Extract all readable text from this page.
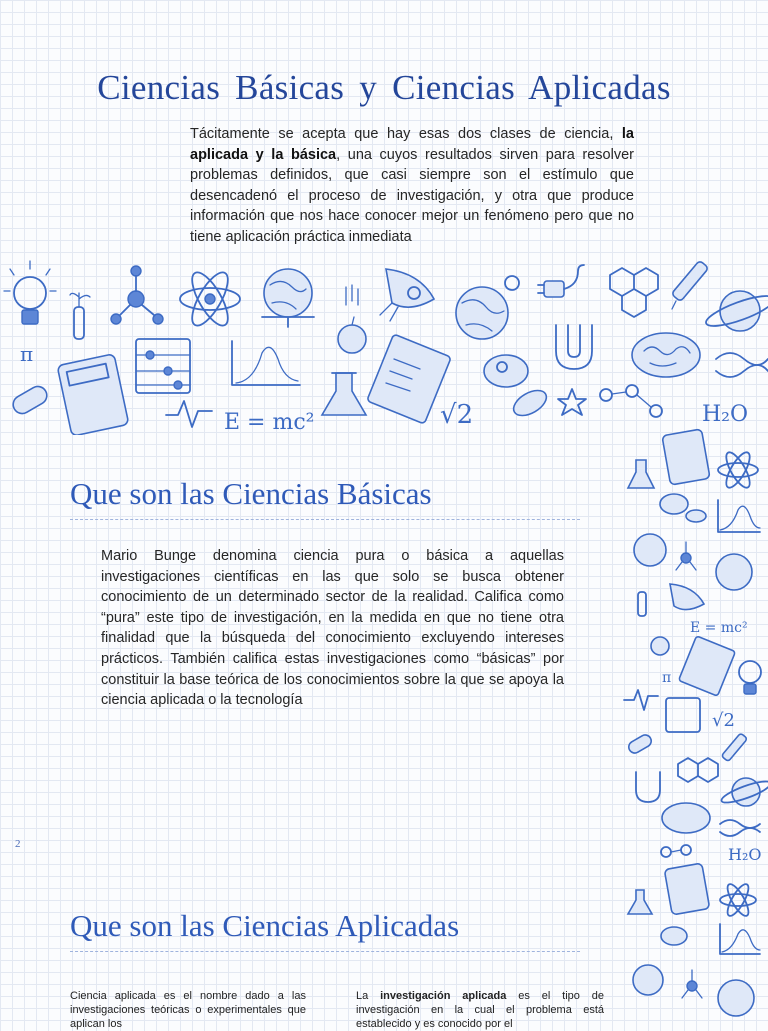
Ciencias Básicas y Ciencias Aplicadas

Tácitamente se acepta que hay esas dos clases de ciencia, la aplicada y la básica, una cuyos resultados sirven para resolver problemas definidos, que casi siempre son el estímulo que desencadenó el proceso de investigación, y otra que produce información que nos hace conocer mejor un fenómeno pero que no tiene aplicación práctica inmediata

π
E = mc²	√2	H₂O
E = mc²
π
√2
H₂O
Que son las Ciencias Básicas

Mario Bunge denomina ciencia pura o básica a aquellas investigaciones científicas en las que solo se busca obtener conocimiento de un determinado sector de la realidad. Califica como “pura” este tipo de investigación, en la medida en que no tiene otra finalidad que la búsqueda del conocimiento excluyendo intereses prácticos. También califica estas investigaciones como “básicas” por constituir la base teórica de los conocimientos sobre la que se apoya la ciencia aplicada o la tecnología

2
Que son las Ciencias Aplicadas

Ciencia aplicada es el nombre dado a las investigaciones teóricas o experimentales que aplican los

La investigación aplicada es el tipo de investigación en la cual el problema está establecido y es conocido por el
